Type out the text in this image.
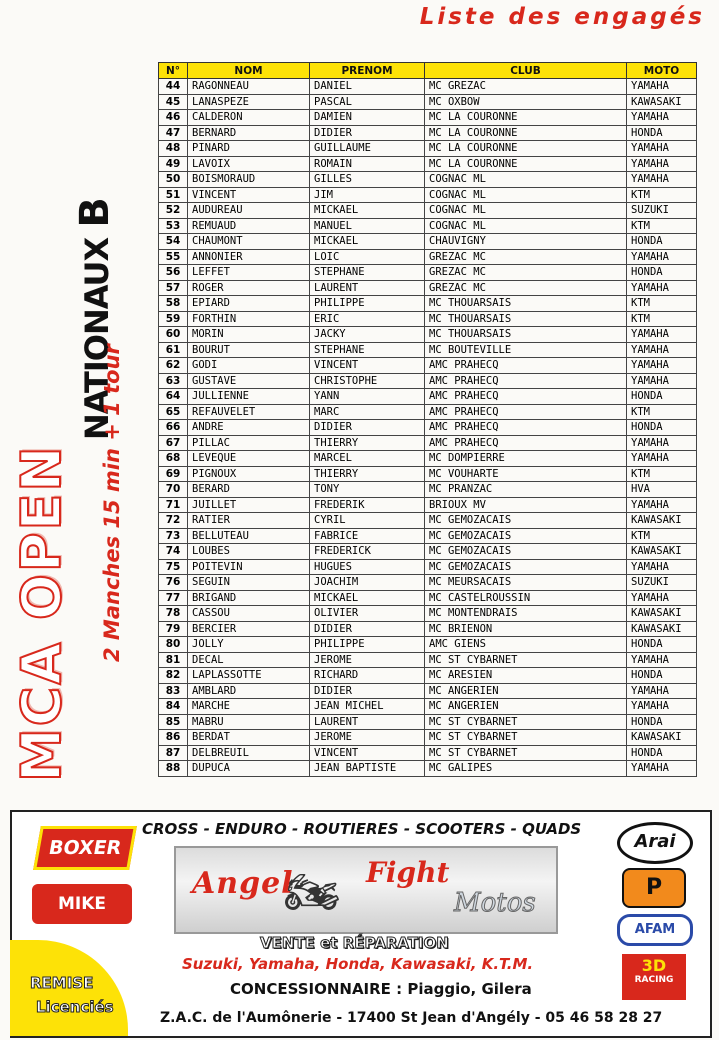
Liste des engagés
MCA OPEN
NATIONAUX B
2 Manches 15 min + 1 tour
N°	NOM	PRENOM	CLUB	MOTO
44	RAGONNEAU	DANIEL	MC GREZAC	YAMAHA
45	LANASPEZE	PASCAL	MC OXBOW	KAWASAKI
46	CALDERON	DAMIEN	MC LA COURONNE	YAMAHA
47	BERNARD	DIDIER	MC LA COURONNE	HONDA
48	PINARD	GUILLAUME	MC LA COURONNE	YAMAHA
49	LAVOIX	ROMAIN	MC LA COURONNE	YAMAHA
50	BOISMORAUD	GILLES	COGNAC ML	YAMAHA
51	VINCENT	JIM	COGNAC ML	KTM
52	AUDUREAU	MICKAEL	COGNAC ML	SUZUKI
53	REMUAUD	MANUEL	COGNAC ML	KTM
54	CHAUMONT	MICKAEL	CHAUVIGNY	HONDA
55	ANNONIER	LOIC	GREZAC MC	YAMAHA
56	LEFFET	STEPHANE	GREZAC MC	HONDA
57	ROGER	LAURENT	GREZAC MC	YAMAHA
58	EPIARD	PHILIPPE	MC THOUARSAIS	KTM
59	FORTHIN	ERIC	MC THOUARSAIS	KTM
60	MORIN	JACKY	MC THOUARSAIS	YAMAHA
61	BOURUT	STEPHANE	MC BOUTEVILLE	YAMAHA
62	GODI	VINCENT	AMC PRAHECQ	YAMAHA
63	GUSTAVE	CHRISTOPHE	AMC PRAHECQ	YAMAHA
64	JULLIENNE	YANN	AMC PRAHECQ	HONDA
65	REFAUVELET	MARC	AMC PRAHECQ	KTM
66	ANDRE	DIDIER	AMC PRAHECQ	HONDA
67	PILLAC	THIERRY	AMC PRAHECQ	YAMAHA
68	LEVEQUE	MARCEL	MC DOMPIERRE	YAMAHA
69	PIGNOUX	THIERRY	MC VOUHARTE	KTM
70	BERARD	TONY	MC PRANZAC	HVA
71	JUILLET	FREDERIK	BRIOUX MV	YAMAHA
72	RATIER	CYRIL	MC GEMOZACAIS	KAWASAKI
73	BELLUTEAU	FABRICE	MC GEMOZACAIS	KTM
74	LOUBES	FREDERICK	MC GEMOZACAIS	KAWASAKI
75	POITEVIN	HUGUES	MC GEMOZACAIS	YAMAHA
76	SEGUIN	JOACHIM	MC MEURSACAIS	SUZUKI
77	BRIGAND	MICKAEL	MC CASTELROUSSIN	YAMAHA
78	CASSOU	OLIVIER	MC MONTENDRAIS	KAWASAKI
79	BERCIER	DIDIER	MC BRIENON	KAWASAKI
80	JOLLY	PHILIPPE	AMC GIENS	HONDA
81	DECAL	JEROME	MC ST CYBARNET	YAMAHA
82	LAPLASSOTTE	RICHARD	MC ARESIEN	HONDA
83	AMBLARD	DIDIER	MC ANGERIEN	YAMAHA
84	MARCHE	JEAN MICHEL	MC ANGERIEN	YAMAHA
85	MABRU	LAURENT	MC ST CYBARNET	HONDA
86	BERDAT	JEROME	MC ST CYBARNET	KAWASAKI
87	DELBREUIL	VINCENT	MC ST CYBARNET	HONDA
88	DUPUCA	JEAN BAPTISTE	MC GALIPES	YAMAHA
BOXER
MIKE
CROSS - ENDURO - ROUTIERES - SCOOTERS - QUADS
🏍
Angel	Fight
Motos
Arai
P
AFAM
3D
RACING
VENTE et RÉPARATION
Suzuki, Yamaha, Honda, Kawasaki, K.T.M.
CONCESSIONNAIRE : Piaggio, Gilera
REMISE
Licenciés
Z.A.C. de l'Aumônerie - 17400 St Jean d'Angély - 05 46 58 28 27
